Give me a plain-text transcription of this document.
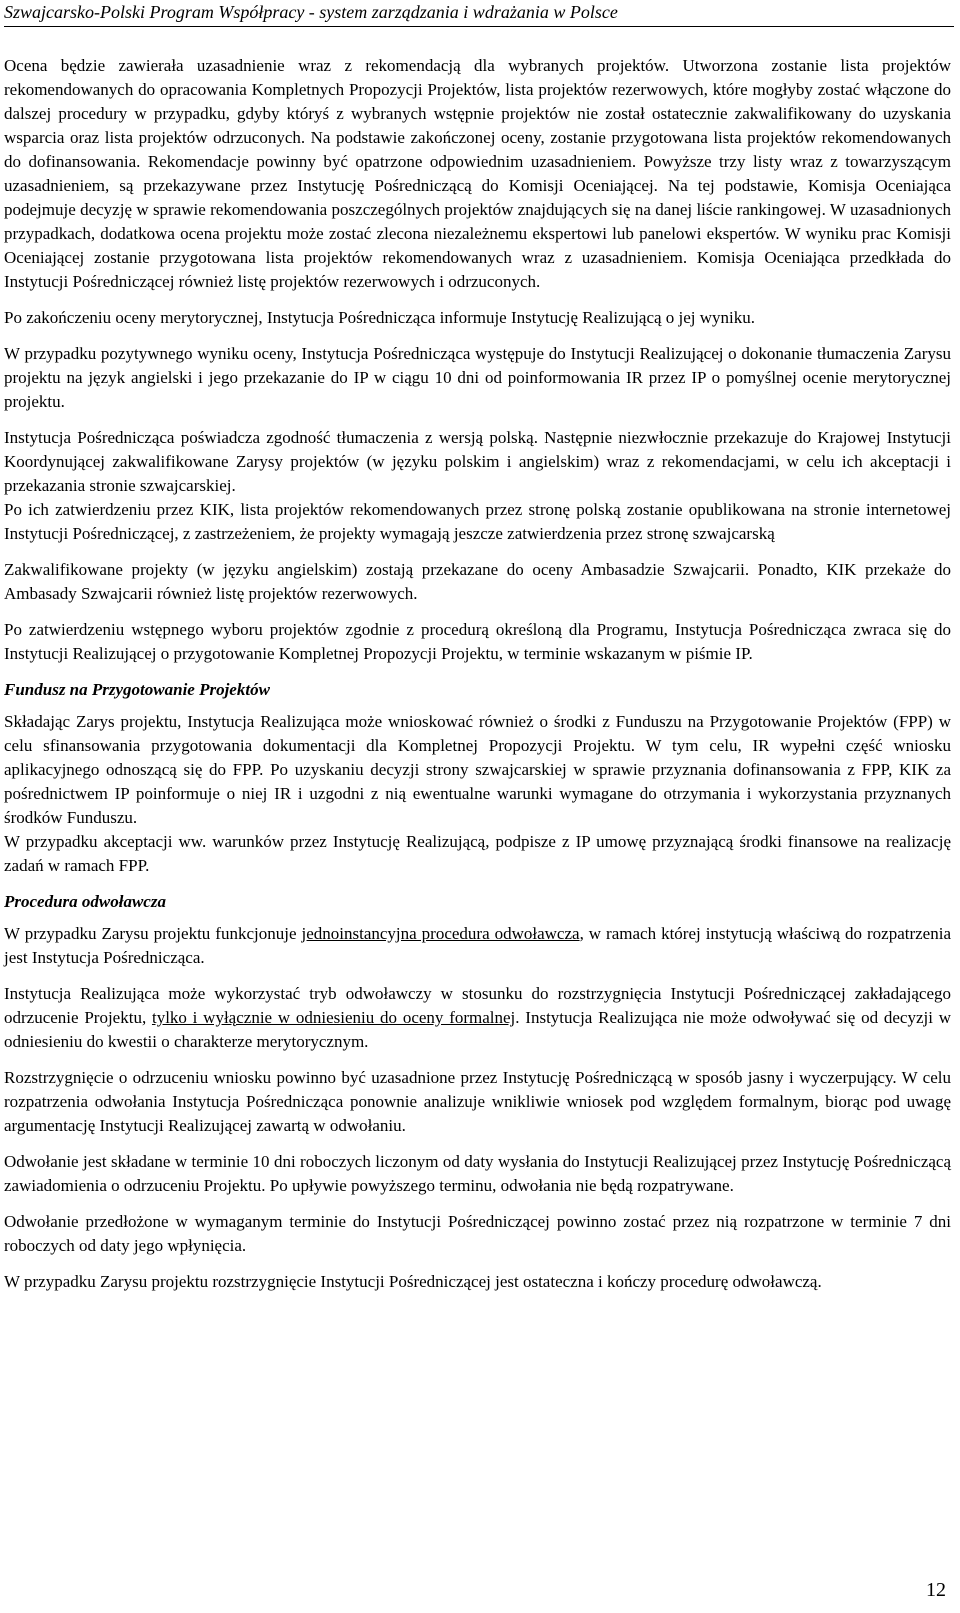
Szwajcarsko-Polski Program Współpracy - system zarządzania i wdrażania w Polsce

Ocena będzie zawierała uzasadnienie wraz z rekomendacją dla wybranych projektów. Utworzona zostanie lista projektów rekomendowanych do opracowania Kompletnych Propozycji Projektów, lista projektów rezerwowych, które mogłyby zostać włączone do dalszej procedury w przypadku, gdyby któryś z wybranych wstępnie projektów nie został ostatecznie zakwalifikowany do uzyskania wsparcia oraz lista projektów odrzuconych. Na podstawie zakończonej oceny, zostanie przygotowana lista projektów rekomendowanych do dofinansowania. Rekomendacje powinny być opatrzone odpowiednim uzasadnieniem. Powyższe trzy listy wraz z towarzyszącym uzasadnieniem, są przekazywane przez Instytucję Pośredniczącą do Komisji Oceniającej. Na tej podstawie, Komisja Oceniająca podejmuje decyzję w sprawie rekomendowania poszczególnych projektów znajdujących się na danej liście rankingowej. W uzasadnionych przypadkach, dodatkowa ocena projektu może zostać zlecona niezależnemu ekspertowi lub panelowi ekspertów. W wyniku prac Komisji Oceniającej zostanie przygotowana lista projektów rekomendowanych wraz z uzasadnieniem. Komisja Oceniająca przedkłada do Instytucji Pośredniczącej również listę projektów rezerwowych i odrzuconych.

Po zakończeniu oceny merytorycznej, Instytucja Pośrednicząca informuje Instytucję Realizującą o jej wyniku.

W przypadku pozytywnego wyniku oceny, Instytucja Pośrednicząca występuje do Instytucji Realizującej o dokonanie tłumaczenia Zarysu projektu na język angielski i jego przekazanie do IP w ciągu 10 dni od poinformowania IR przez IP o pomyślnej ocenie merytorycznej projektu.

Instytucja Pośrednicząca poświadcza zgodność tłumaczenia z wersją polską. Następnie niezwłocznie przekazuje do Krajowej Instytucji Koordynującej zakwalifikowane Zarysy projektów (w języku polskim i angielskim) wraz z rekomendacjami, w celu ich akceptacji i przekazania stronie szwajcarskiej.

Po ich zatwierdzeniu przez KIK, lista projektów rekomendowanych przez stronę polską zostanie opublikowana na stronie internetowej Instytucji Pośredniczącej, z zastrzeżeniem, że projekty wymagają jeszcze zatwierdzenia przez stronę szwajcarską

Zakwalifikowane projekty (w języku angielskim) zostają przekazane do oceny Ambasadzie Szwajcarii. Ponadto, KIK przekaże do Ambasady Szwajcarii również listę projektów rezerwowych.

Po zatwierdzeniu wstępnego wyboru projektów zgodnie z procedurą określoną dla Programu, Instytucja Pośrednicząca zwraca się do Instytucji Realizującej o przygotowanie Kompletnej Propozycji Projektu, w terminie wskazanym w piśmie IP.

Fundusz na Przygotowanie Projektów

Składając Zarys projektu, Instytucja Realizująca może wnioskować również o środki z Funduszu na Przygotowanie Projektów (FPP) w celu sfinansowania przygotowania dokumentacji dla Kompletnej Propozycji Projektu. W tym celu, IR wypełni część wniosku aplikacyjnego odnoszącą się do FPP. Po uzyskaniu decyzji strony szwajcarskiej w sprawie przyznania dofinansowania z FPP, KIK za pośrednictwem IP poinformuje o niej IR i uzgodni z nią ewentualne warunki wymagane do otrzymania i wykorzystania przyznanych środków Funduszu.

W przypadku akceptacji ww. warunków przez Instytucję Realizującą, podpisze z IP umowę przyznającą środki finansowe na realizację zadań w ramach FPP.

Procedura odwoławcza

W przypadku Zarysu projektu funkcjonuje jednoinstancyjna procedura odwoławcza, w ramach której instytucją właściwą do rozpatrzenia jest Instytucja Pośrednicząca.

Instytucja Realizująca może wykorzystać tryb odwoławczy w stosunku do rozstrzygnięcia Instytucji Pośredniczącej zakładającego odrzucenie Projektu, tylko i wyłącznie w odniesieniu do oceny formalnej. Instytucja Realizująca nie może odwoływać się od decyzji w odniesieniu do kwestii o charakterze merytorycznym.

Rozstrzygnięcie o odrzuceniu wniosku powinno być uzasadnione przez Instytucję Pośredniczącą w sposób jasny i wyczerpujący. W celu rozpatrzenia odwołania Instytucja Pośrednicząca ponownie analizuje wnikliwie wniosek pod względem formalnym, biorąc pod uwagę argumentację Instytucji Realizującej zawartą w odwołaniu.

Odwołanie jest składane w terminie 10 dni roboczych liczonym od daty wysłania do Instytucji Realizującej przez Instytucję Pośredniczącą zawiadomienia o odrzuceniu Projektu. Po upływie powyższego terminu, odwołania nie będą rozpatrywane.

Odwołanie przedłożone w wymaganym terminie do Instytucji Pośredniczącej powinno zostać przez nią rozpatrzone w terminie 7 dni roboczych od daty jego wpłynięcia.

W przypadku Zarysu projektu rozstrzygnięcie Instytucji Pośredniczącej jest ostateczna i kończy procedurę odwoławczą.

12
